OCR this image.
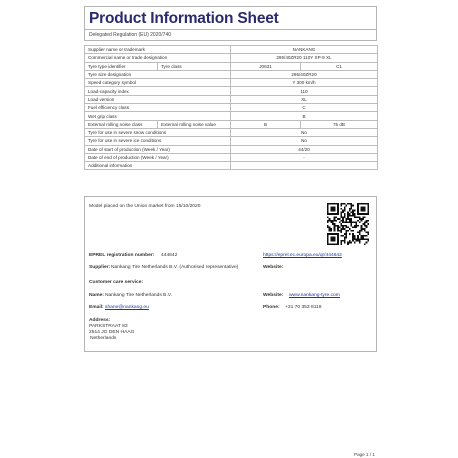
Product Information Sheet
Delegated Regulation (EU) 2020/740
Supplier name or trademark		NANKANG	
Commercial name or trade designation		295/40ZR20 110Y SP-9 XL	
Tyre type identifier	Tyre class	J0631	C1
Tyre size designation		295/40ZR20	
Speed category symbol		Y 300 km/h	
Load-capacity index		110	
Load version		XL	
Fuel efficiency class		C	
Wet grip class		B	
External rolling noise class	External rolling noise value	B	75 dB
Tyre for use in severe snow conditions		No	
Tyre for use in severe ice conditions		No	
Date of start of production (Week / Year)		44/20	
Date of end of production (Week / Year)		-	
Additional information			
Model placed on the Union market from 15/10/2020
EPREL registration number: 444642	https://eprel.ec.europa.eu/qr/444642
Supplier: Nankang Tire Netherlands B.V. (Authorised representative)	Website:
Customer care service:
Name: Nankang Tire Netherlands B.V.	Website: www.nankang-tyre.com
Email: shane@nankang.eu	Phone: +31 70 353 8119
Address:
PARKSTRAAT 83
2514 JG DEN HAAG
Netherlands
Page 1 / 1
